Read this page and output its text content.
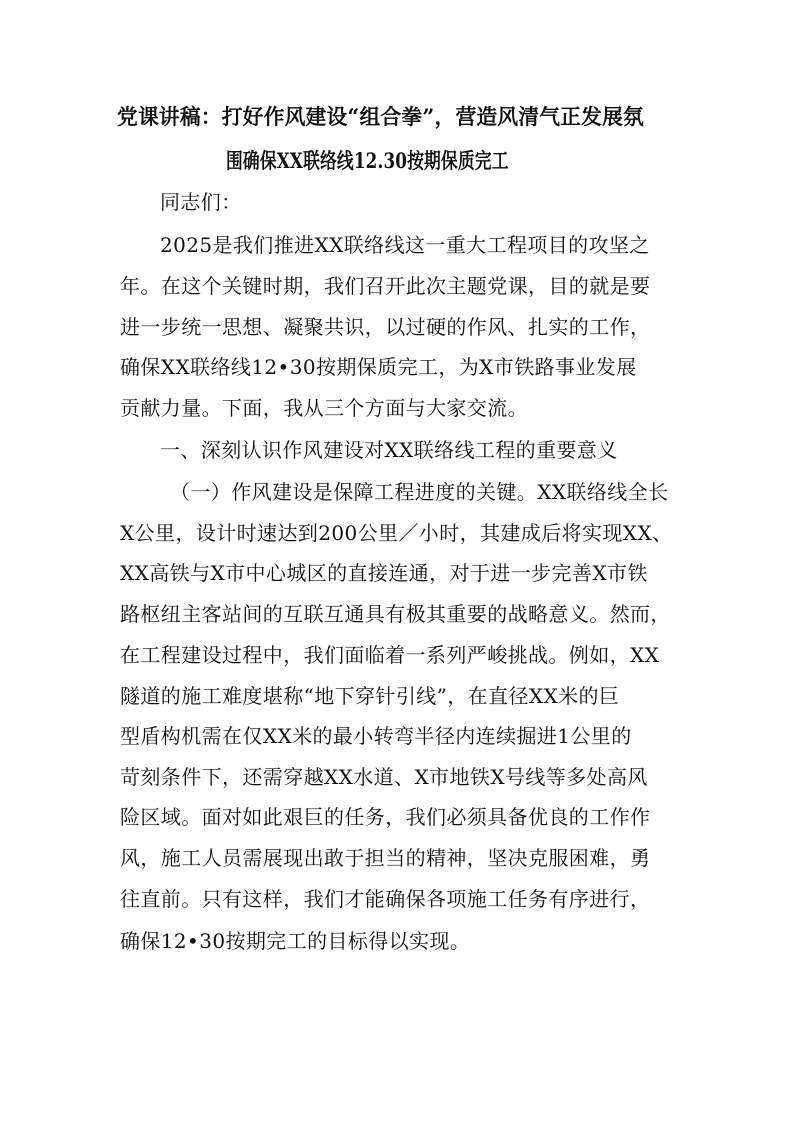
党课讲稿：打好作风建设“组合拳”，营造风清气正发展氛
围确保XX联络线12.30按期保质完工
同志们：
2025是我们推进XX联络线这一重大工程项目的攻坚之
年。在这个关键时期，我们召开此次主题党课，目的就是要
进一步统一思想、凝聚共识，以过硬的作风、扎实的工作，
确保XX联络线12•30按期保质完工，为X市铁路事业发展
贡献力量。下面，我从三个方面与大家交流。
一、深刻认识作风建设对XX联络线工程的重要意义
（一）作风建设是保障工程进度的关键。XX联络线全长
X公里，设计时速达到200公里／小时，其建成后将实现XX、
XX高铁与X市中心城区的直接连通，对于进一步完善X市铁
路枢纽主客站间的互联互通具有极其重要的战略意义。然而，
在工程建设过程中，我们面临着一系列严峻挑战。例如，XX
隧道的施工难度堪称“地下穿针引线”，在直径XX米的巨
型盾构机需在仅XX米的最小转弯半径内连续掘进1公里的
苛刻条件下，还需穿越XX水道、X市地铁X号线等多处高风
险区域。面对如此艰巨的任务，我们必须具备优良的工作作
风，施工人员需展现出敢于担当的精神，坚决克服困难，勇
往直前。只有这样，我们才能确保各项施工任务有序进行，
确保12•30按期完工的目标得以实现。
